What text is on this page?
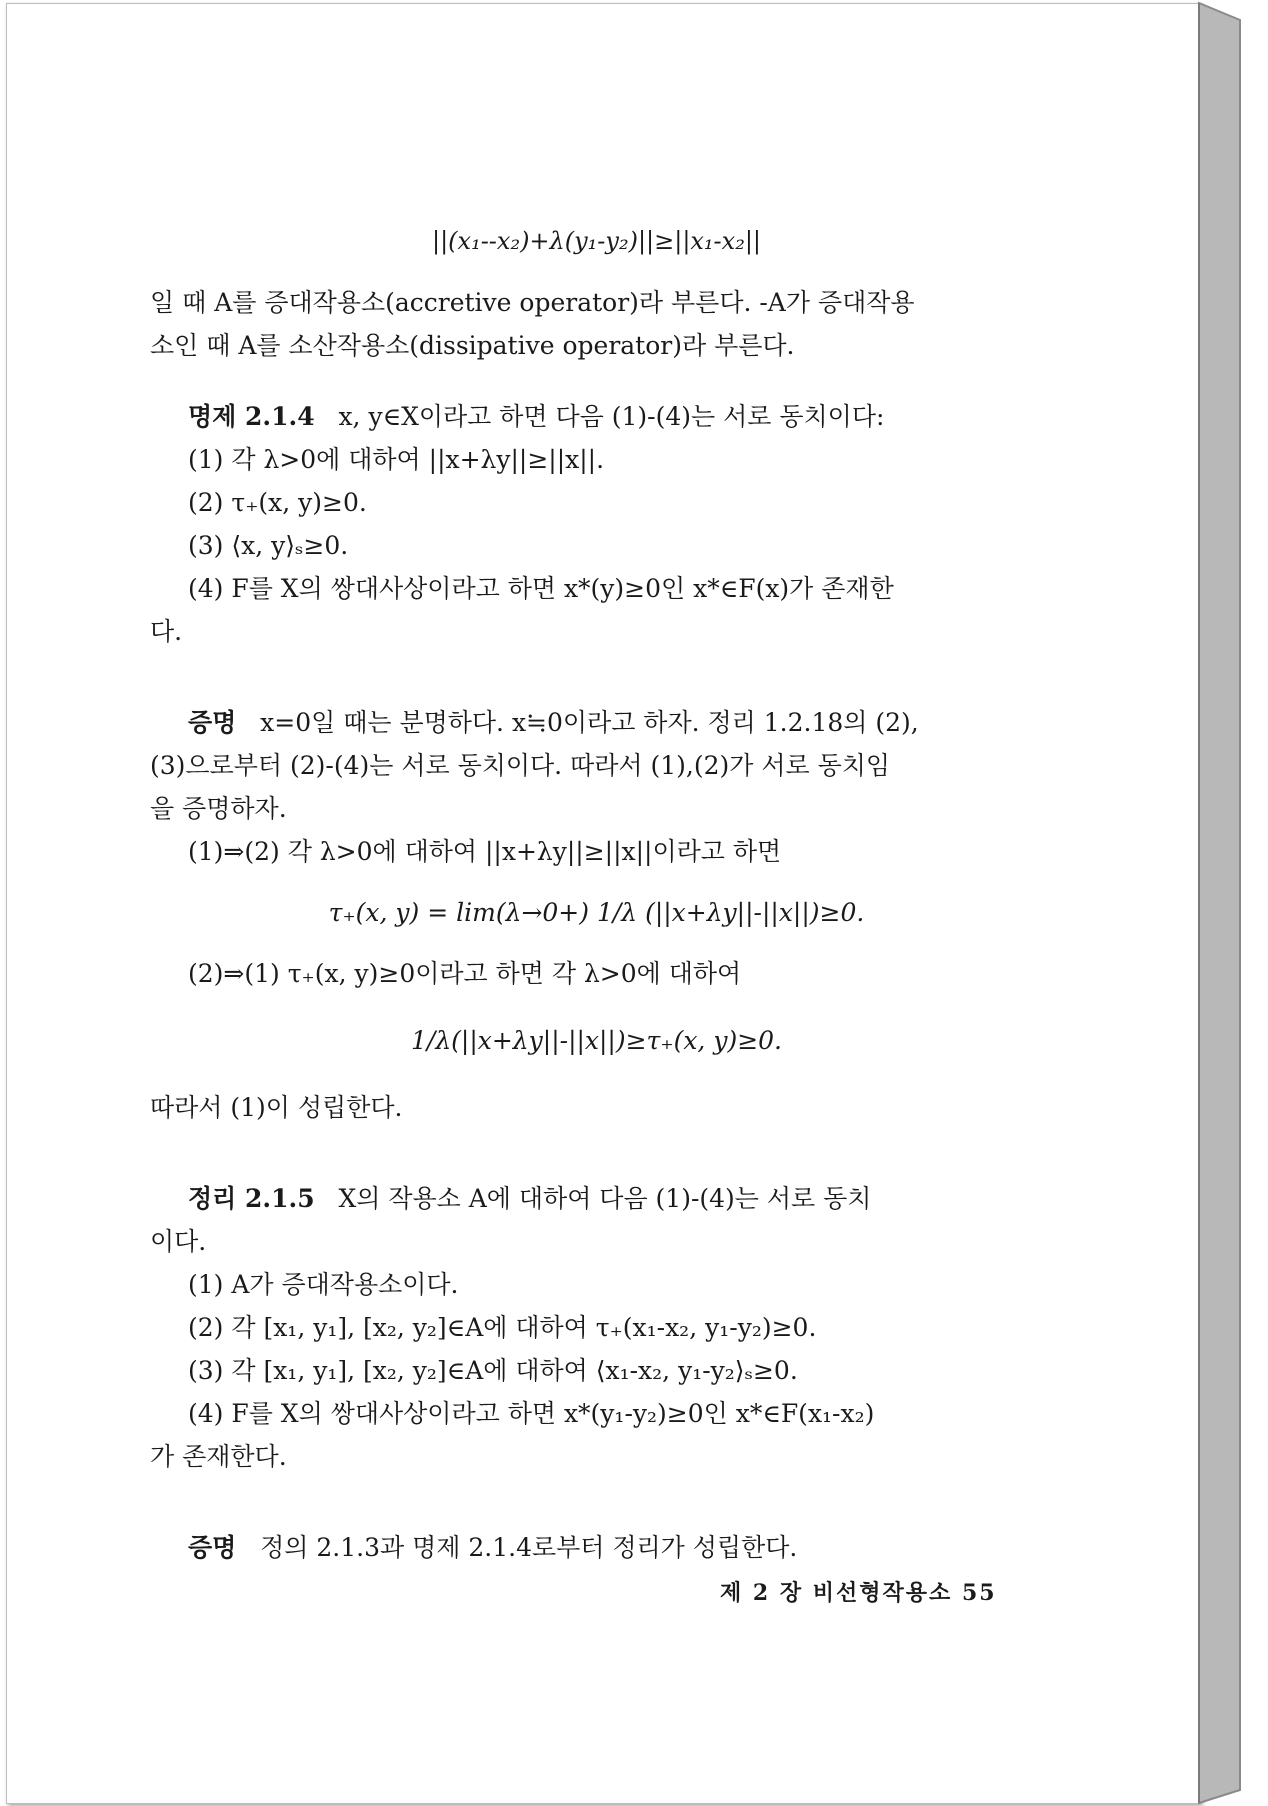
||(x₁--x₂)+λ(y₁-y₂)||≥||x₁-x₂||

일 때 A를 증대작용소(accretive operator)라 부른다. -A가 증대작용

소인 때 A를 소산작용소(dissipative operator)라 부른다.

명제 2.1.4 x, y∈X이라고 하면 다음 (1)-(4)는 서로 동치이다:

(1) 각 λ>0에 대하여 ||x+λy||≥||x||.

(2) τ₊(x, y)≥0.

(3) ⟨x, y⟩ₛ≥0.

(4) F를 X의 쌍대사상이라고 하면 x*(y)≥0인 x*∈F(x)가 존재한

다.

증명 x=0일 때는 분명하다. x≒0이라고 하자. 정리 1.2.18의 (2),

(3)으로부터 (2)-(4)는 서로 동치이다. 따라서 (1),(2)가 서로 동치임

을 증명하자.

(1)⇒(2) 각 λ>0에 대하여 ||x+λy||≥||x||이라고 하면

τ₊(x, y) = lim(λ→0+) 1/λ (||x+λy||-||x||)≥0.

(2)⇒(1) τ₊(x, y)≥0이라고 하면 각 λ>0에 대하여

1/λ(||x+λy||-||x||)≥τ₊(x, y)≥0.

따라서 (1)이 성립한다.

정리 2.1.5 X의 작용소 A에 대하여 다음 (1)-(4)는 서로 동치

이다.

(1) A가 증대작용소이다.

(2) 각 [x₁, y₁], [x₂, y₂]∈A에 대하여 τ₊(x₁-x₂, y₁-y₂)≥0.

(3) 각 [x₁, y₁], [x₂, y₂]∈A에 대하여 ⟨x₁-x₂, y₁-y₂⟩ₛ≥0.

(4) F를 X의 쌍대사상이라고 하면 x*(y₁-y₂)≥0인 x*∈F(x₁-x₂)

가 존재한다.

증명 정의 2.1.3과 명제 2.1.4로부터 정리가 성립한다.

제 2 장 비선형작용소 55
